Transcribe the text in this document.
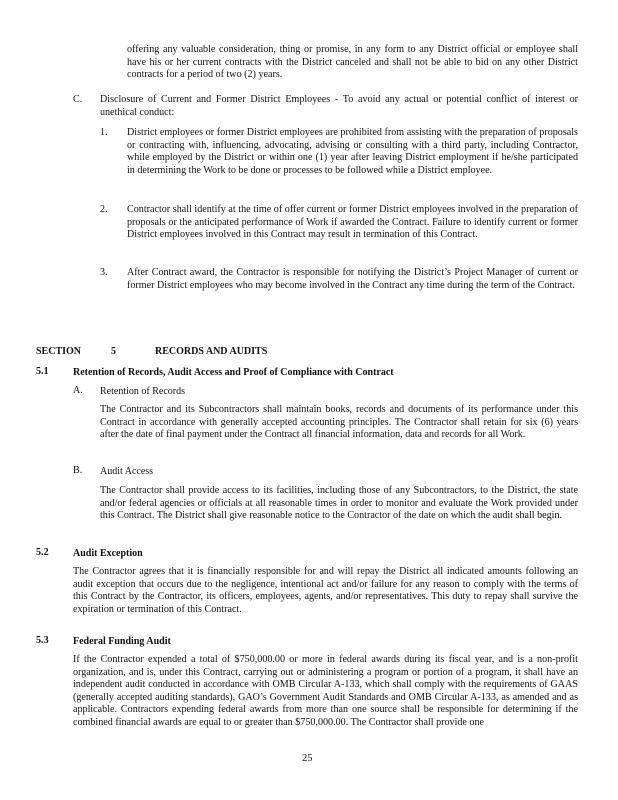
offering any valuable consideration, thing or promise, in any form to any District official or employee shall have his or her current contracts with the District canceled and shall not be able to bid on any other District contracts for a period of two (2) years.

C. Disclosure of Current and Former District Employees - To avoid any actual or potential conflict of interest or unethical conduct:

1. District employees or former District employees are prohibited from assisting with the preparation of proposals or contracting with, influencing, advocating, advising or consulting with a third party, including Contractor, while employed by the District or within one (1) year after leaving District employment if he/she participated in determining the Work to be done or processes to be followed while a District employee.

2. Contractor shall identify at the time of offer current or former District employees involved in the preparation of proposals or the anticipated performance of Work if awarded the Contract. Failure to identify current or former District employees involved in this Contract may result in termination of this Contract.

3. After Contract award, the Contractor is responsible for notifying the District’s Project Manager of current or former District employees who may become involved in the Contract any time during the term of the Contract.

SECTION	5	RECORDS AND AUDITS
5.1 Retention of Records, Audit Access and Proof of Compliance with Contract
A. Retention of Records

The Contractor and its Subcontractors shall maintain books, records and documents of its performance under this Contract in accordance with generally accepted accounting principles. The Contractor shall retain for six (6) years after the date of final payment under the Contract all financial information, data and records for all Work.

B. Audit Access

The Contractor shall provide access to its facilities, including those of any Subcontractors, to the District, the state and/or federal agencies or officials at all reasonable times in order to monitor and evaluate the Work provided under this Contract. The District shall give reasonable notice to the Contractor of the date on which the audit shall begin.

5.2 Audit Exception

The Contractor agrees that it is financially responsible for and will repay the District all indicated amounts following an audit exception that occurs due to the negligence, intentional act and/or failure for any reason to comply with the terms of this Contract by the Contractor, its officers, employees, agents, and/or representatives. This duty to repay shall survive the expiration or termination of this Contract.

5.3 Federal Funding Audit

If the Contractor expended a total of $750,000.00 or more in federal awards during its fiscal year, and is a non-profit organization, and is, under this Contract, carrying out or administering a program or portion of a program, it shall have an independent audit conducted in accordance with OMB Circular A-133, which shall comply with the requirements of GAAS (generally accepted auditing standards), GAO’s Government Audit Standards and OMB Circular A-133, as amended and as applicable. Contractors expending federal awards from more than one source shall be responsible for determining if the combined financial awards are equal to or greater than $750,000.00. The Contractor shall provide one

25
